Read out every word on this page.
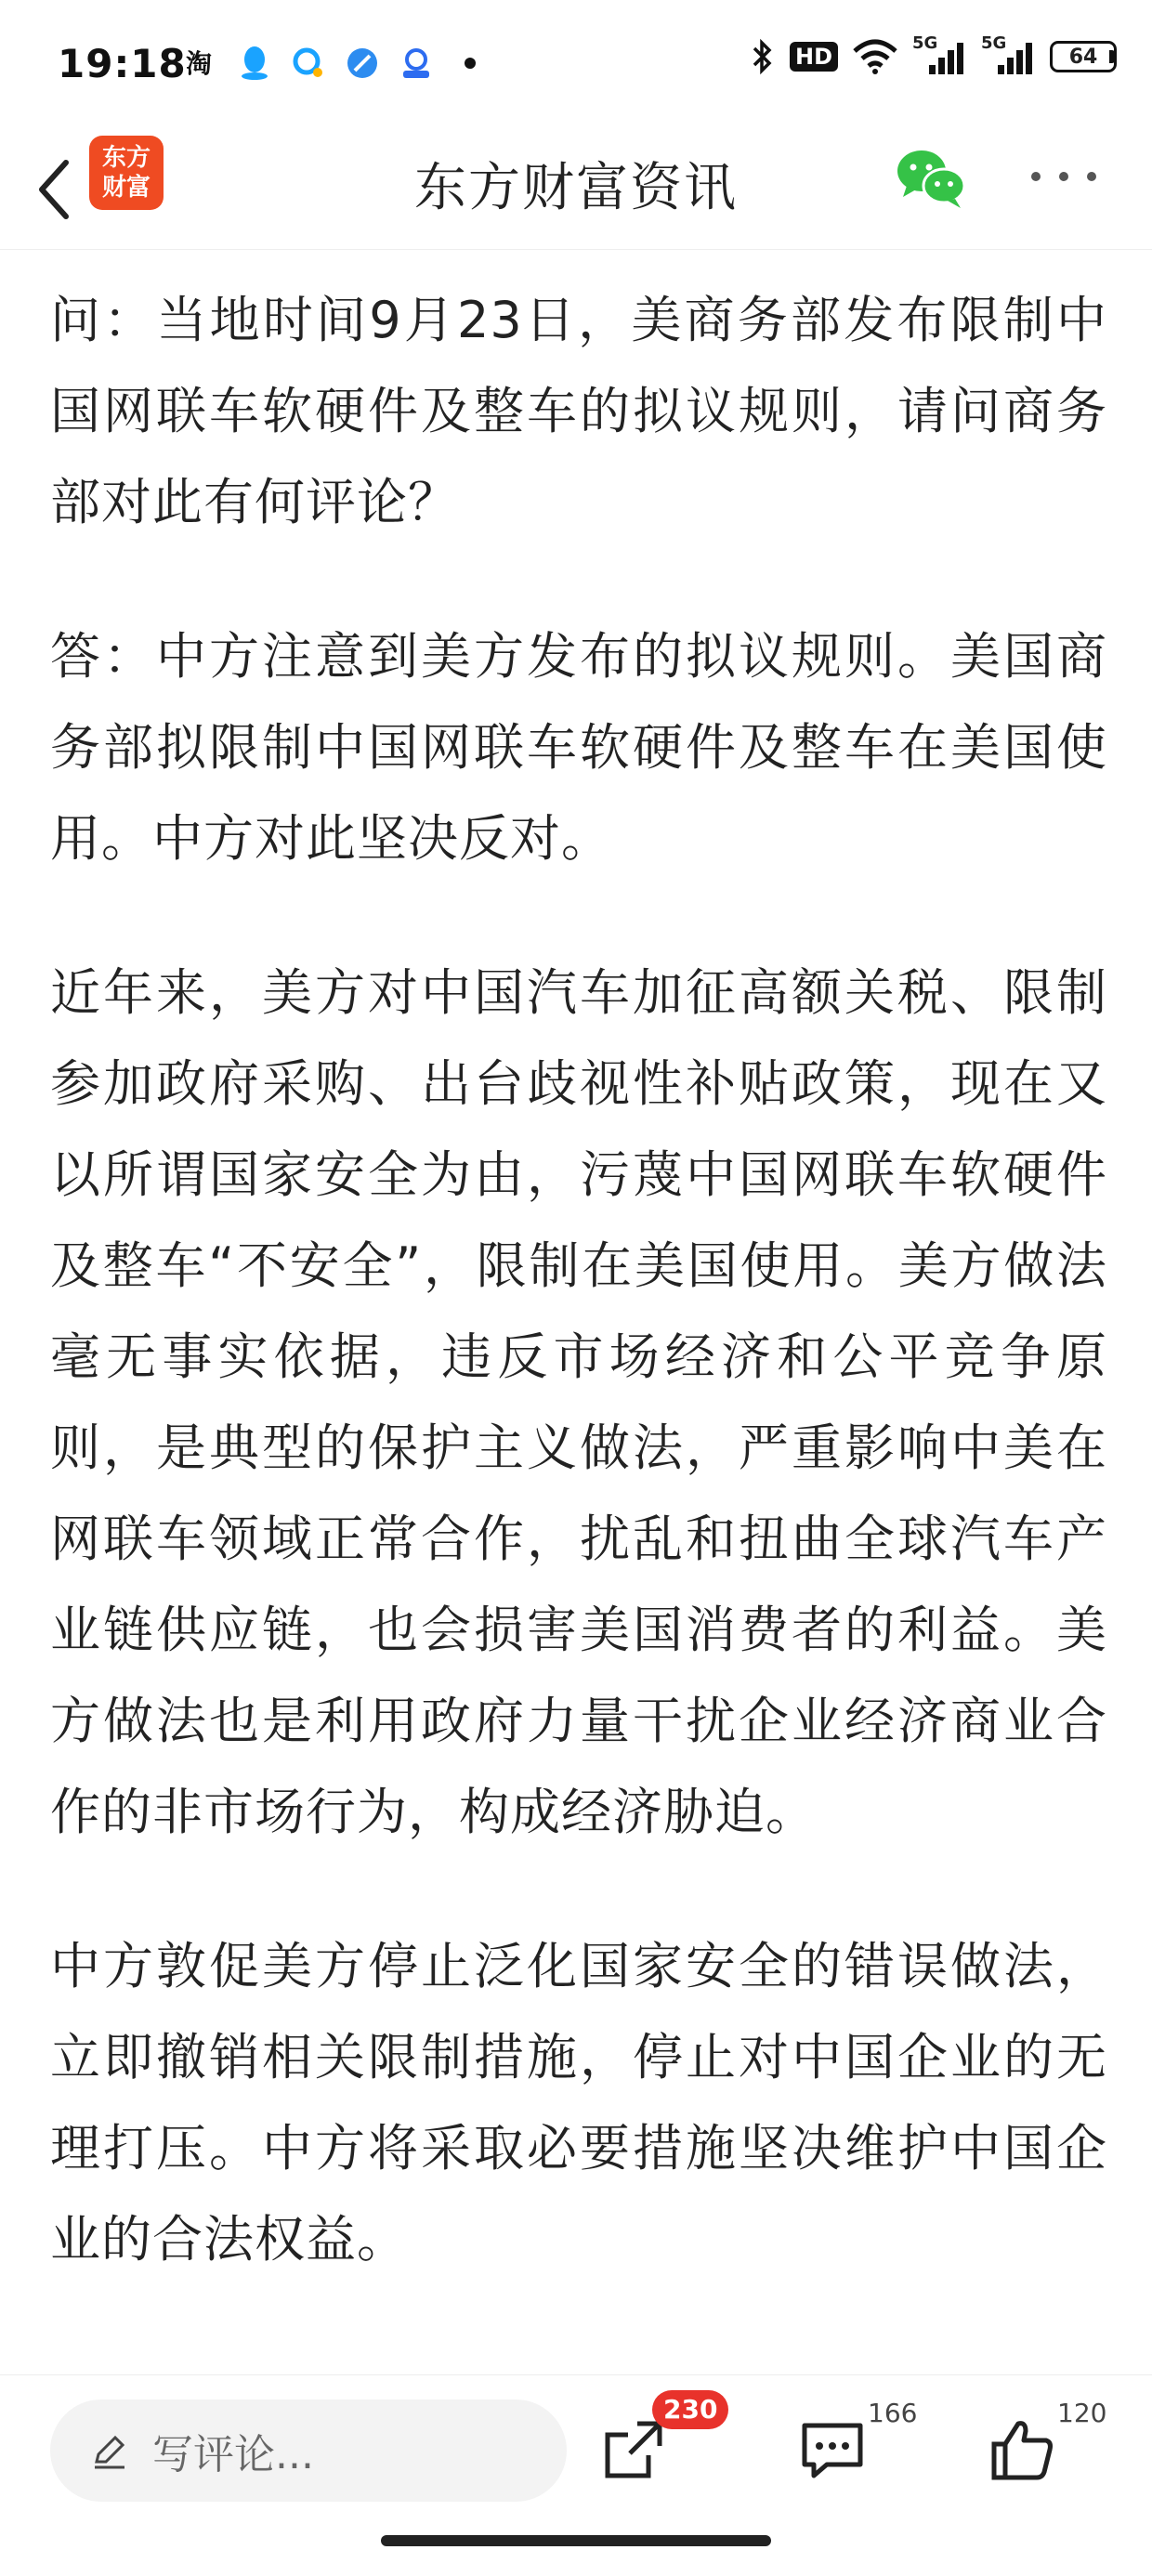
19:18 淘	HD
5G	5G
64
东方
财富	东方财富资讯

问：当地时间9月23日，美商务部发布限制中国网联车软硬件及整车的拟议规则，请问商务部对此有何评论？

答：中方注意到美方发布的拟议规则。美国商务部拟限制中国网联车软硬件及整车在美国使用。中方对此坚决反对。

近年来，美方对中国汽车加征高额关税、限制参加政府采购、出台歧视性补贴政策，现在又以所谓国家安全为由，污蔑中国网联车软硬件及整车“不安全”，限制在美国使用。美方做法毫无事实依据，违反市场经济和公平竞争原则，是典型的保护主义做法，严重影响中美在网联车领域正常合作，扰乱和扭曲全球汽车产业链供应链，也会损害美国消费者的利益。美方做法也是利用政府力量干扰企业经济商业合作的非市场行为，构成经济胁迫。

中方敦促美方停止泛化国家安全的错误做法，立即撤销相关限制措施，停止对中国企业的无理打压。中方将采取必要措施坚决维护中国企业的合法权益。

写评论...
230	166	120
